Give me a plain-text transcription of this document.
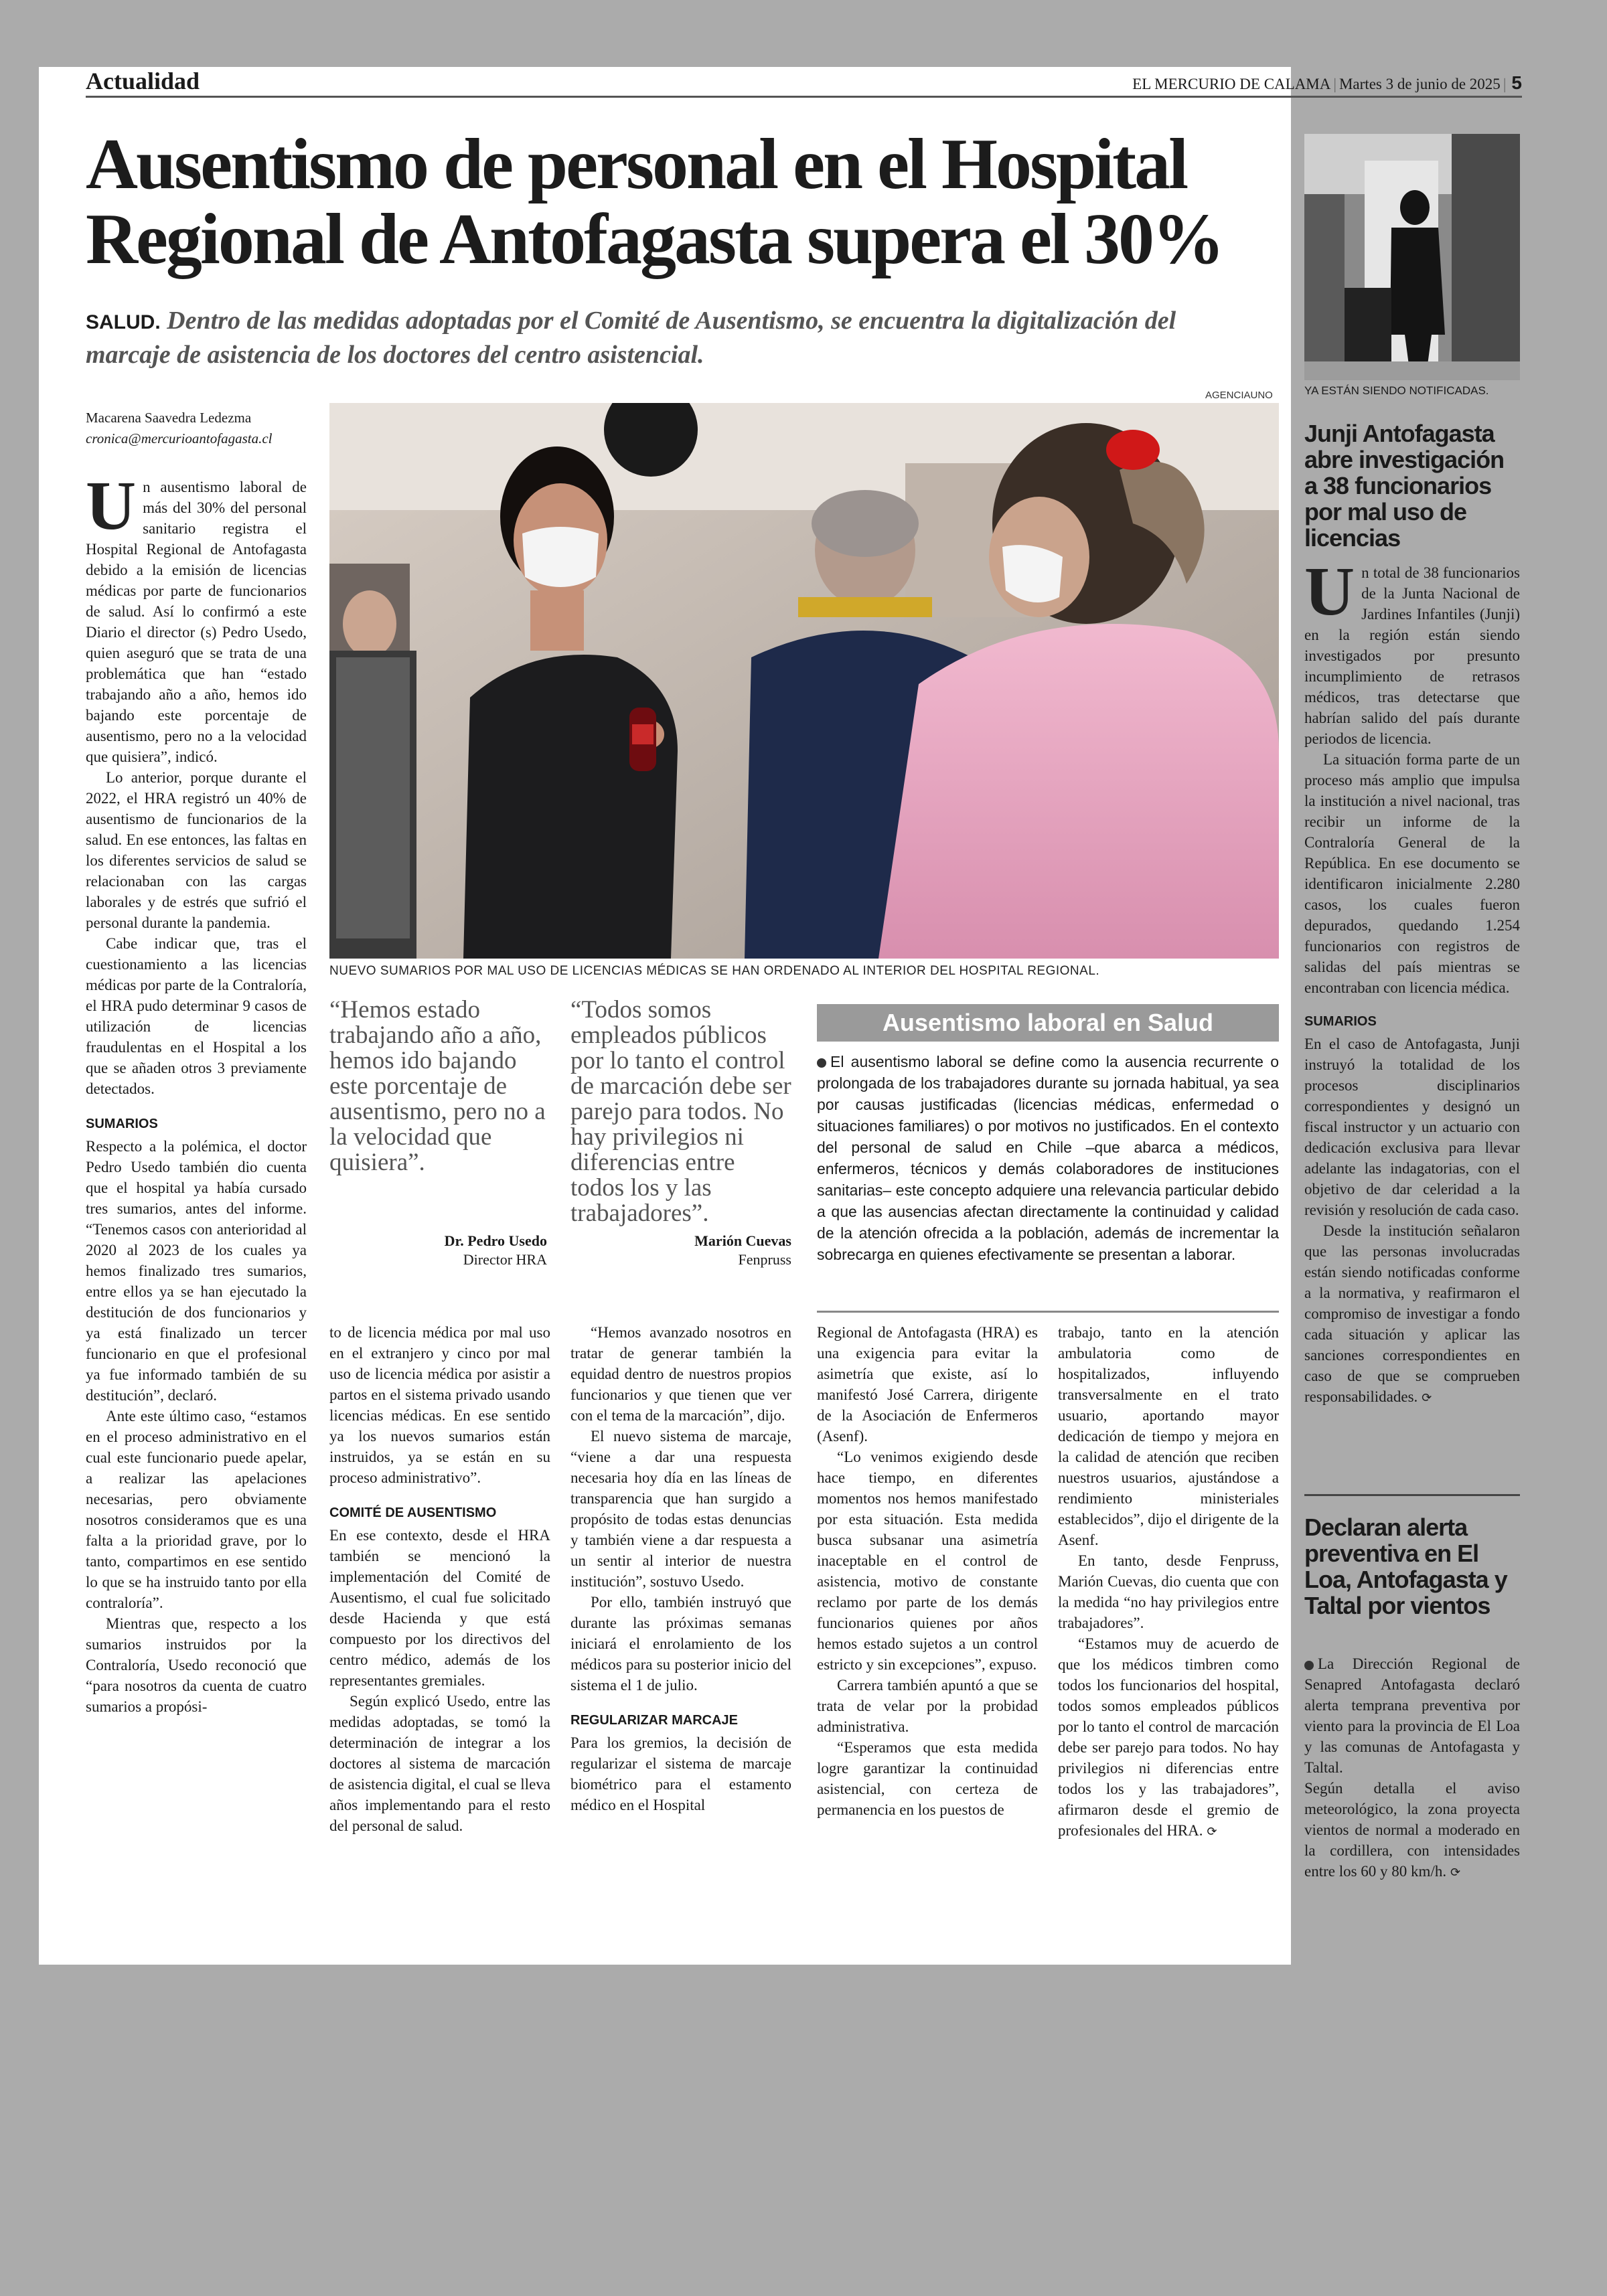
Actualidad	EL MERCURIO DE CALAMA | Martes 3 de junio de 2025 | 5
Ausentismo de personal en el Hospital Regional de Antofagasta supera el 30%
SALUD. Dentro de las medidas adoptadas por el Comité de Ausentismo, se encuentra la digitalización del marcaje de asistencia de los doctores del centro asistencial.
Macarena Saavedra Ledezma
cronica@mercurioantofagasta.cl

Un ausentismo laboral de más del 30% del personal sanitario registra el Hospital Regional de Antofagasta debido a la emisión de licencias médicas por parte de funcionarios de salud. Así lo confirmó a este Diario el director (s) Pedro Usedo, quien aseguró que se trata de una problemática que han “estado trabajando año a año, hemos ido bajando este porcentaje de ausentismo, pero no a la velocidad que quisiera”, indicó.

Lo anterior, porque durante el 2022, el HRA registró un 40% de ausentismo de funcionarios de la salud. En ese entonces, las faltas en los diferentes servicios de salud se relacionaban con las cargas laborales y de estrés que sufrió el personal durante la pandemia.

Cabe indicar que, tras el cuestionamiento a las licencias médicas por parte de la Contraloría, el HRA pudo determinar 9 casos de utilización de licencias fraudulentas en el Hospital a los que se añaden otros 3 previamente detectados.

SUMARIOS

Respecto a la polémica, el doctor Pedro Usedo también dio cuenta que el hospital ya había cursado tres sumarios, antes del informe. “Tenemos casos con anterioridad al 2020 al 2023 de los cuales ya hemos finalizado tres sumarios, entre ellos ya se han ejecutado la destitución de dos funcionarios y ya está finalizado un tercer funcionario en que el profesional ya fue informado también de su destitución”, declaró.

Ante este último caso, “estamos en el proceso administrativo en el cual este funcionario puede apelar, a realizar las apelaciones necesarias, pero obviamente nosotros consideramos que es una falta a la prioridad grave, por lo tanto, compartimos en ese sentido lo que se ha instruido tanto por ella contraloría”.

Mientras que, respecto a los sumarios instruidos por la Contraloría, Usedo reconoció que “para nosotros da cuenta de cuatro sumarios a propósi-

AGENCIAUNO
NUEVO SUMARIOS POR MAL USO DE LICENCIAS MÉDICAS SE HAN ORDENADO AL INTERIOR DEL HOSPITAL REGIONAL.
“Hemos estado trabajando año a año, hemos ido bajando este porcentaje de ausentismo, pero no a la velocidad que quisiera”.
Dr. Pedro Usedo
Director HRA
“Todos somos empleados públicos por lo tanto el control de marcación debe ser parejo para todos. No hay privilegios ni diferencias entre todos los y las trabajadores”.
Marión Cuevas
Fenpruss
Ausentismo laboral en Salud
El ausentismo laboral se define como la ausencia recurrente o prolongada de los trabajadores durante su jornada habitual, ya sea por causas justificadas (licencias médicas, enfermedad o situaciones familiares) o por motivos no justificados. En el contexto del personal de salud en Chile –que abarca a médicos, enfermeros, técnicos y demás colaboradores de instituciones sanitarias– este concepto adquiere una relevancia particular debido a que las ausencias afectan directamente la continuidad y calidad de la atención ofrecida a la población, además de incrementar la sobrecarga en quienes efectivamente se presentan a laborar.

to de licencia médica por mal uso en el extranjero y cinco por mal uso de licencia médica por asistir a partos en el sistema privado usando licencias médicas. En ese sentido ya los nuevos sumarios están instruidos, ya se están en su proceso administrativo”.

COMITÉ DE AUSENTISMO

En ese contexto, desde el HRA también se mencionó la implementación del Comité de Ausentismo, el cual fue solicitado desde Hacienda y que está compuesto por los directivos del centro médico, además de los representantes gremiales.

Según explicó Usedo, entre las medidas adoptadas, se tomó la determinación de integrar a los doctores al sistema de marcación de asistencia digital, el cual se lleva años implementando para el resto del personal de salud.

“Hemos avanzado nosotros en tratar de generar también la equidad dentro de nuestros propios funcionarios y que tienen que ver con el tema de la marcación”, dijo.

El nuevo sistema de marcaje, “viene a dar una respuesta necesaria hoy día en las líneas de transparencia que han surgido a propósito de todas estas denuncias y también viene a dar respuesta a un sentir al interior de nuestra institución”, sostuvo Usedo.

Por ello, también instruyó que durante las próximas semanas iniciará el enrolamiento de los médicos para su posterior inicio del sistema el 1 de julio.

REGULARIZAR MARCAJE

Para los gremios, la decisión de regularizar el sistema de marcaje biométrico para el estamento médico en el Hospital

Regional de Antofagasta (HRA) es una exigencia para evitar la asimetría que existe, así lo manifestó José Carrera, dirigente de la Asociación de Enfermeros (Asenf).

“Lo venimos exigiendo desde hace tiempo, en diferentes momentos nos hemos manifestado por esta situación. Esta medida busca subsanar una asimetría inaceptable en el control de asistencia, motivo de constante reclamo por parte de los demás funcionarios quienes por años hemos estado sujetos a un control estricto y sin excepciones”, expuso.

Carrera también apuntó a que se trata de velar por la probidad administrativa.

“Esperamos que esta medida logre garantizar la continuidad asistencial, con certeza de permanencia en los puestos de

trabajo, tanto en la atención ambulatoria como de hospitalizados, influyendo transversalmente en el trato usuario, aportando mayor dedicación de tiempo y mejora en la calidad de atención que reciben nuestros usuarios, ajustándose a rendimiento ministeriales establecidos”, dijo el dirigente de la Asenf.

En tanto, desde Fenpruss, Marión Cuevas, dio cuenta que con la medida “no hay privilegios entre trabajadores”.

“Estamos muy de acuerdo de que los médicos timbren como todos los funcionarios del hospital, todos somos empleados públicos por lo tanto el control de marcación debe ser parejo para todos. No hay privilegios ni diferencias entre todos los y las trabajadores”, afirmaron desde el gremio de profesionales del HRA. ⟳

YA ESTÁN SIENDO NOTIFICADAS.
Junji Antofagasta abre investigación a 38 funcionarios por mal uso de licencias

Un total de 38 funcionarios de la Junta Nacional de Jardines Infantiles (Junji) en la región están siendo investigados por presunto incumplimiento de retrasos médicos, tras detectarse que habrían salido del país durante periodos de licencia.

La situación forma parte de un proceso más amplio que impulsa la institución a nivel nacional, tras recibir un informe de la Contraloría General de la República. En ese documento se identificaron inicialmente 2.280 casos, los cuales fueron depurados, quedando 1.254 funcionarios con registros de salidas del país mientras se encontraban con licencia médica.

SUMARIOS

En el caso de Antofagasta, Junji instruyó la totalidad de los procesos disciplinarios correspondientes y designó un fiscal instructor y un actuario con dedicación exclusiva para llevar adelante las indagatorias, con el objetivo de dar celeridad a la revisión y resolución de cada caso.

Desde la institución señalaron que las personas involucradas están siendo notificadas conforme a la normativa, y reafirmaron el compromiso de investigar a fondo cada situación y aplicar las sanciones correspondientes en caso de que se comprueben responsabilidades. ⟳

Declaran alerta preventiva en El Loa, Antofagasta y Taltal por vientos

La Dirección Regional de Senapred Antofagasta declaró alerta temprana preventiva por viento para la provincia de El Loa y las comunas de Antofagasta y Taltal.

Según detalla el aviso meteorológico, la zona proyecta vientos de normal a moderado en la cordillera, con intensidades entre los 60 y 80 km/h. ⟳
